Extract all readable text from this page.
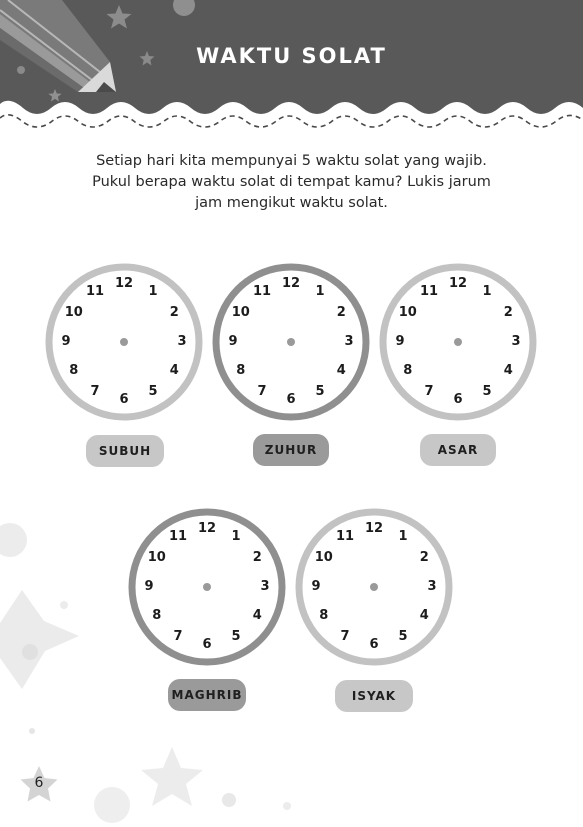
WAKTU SOLAT
Setiap hari kita mempunyai 5 waktu solat yang wajib.
Pukul berapa waktu solat di tempat kamu? Lukis jarum
jam mengikut waktu solat.
12
1
2
3
4
5
6
7
8
9
10
11
12
1
2
3
4
5
6
7
8
9
10
11
12
1
2
3
4
5
6
7
8
9
10
11
12
1
2
3
4
5
6
7
8
9
10
11
12
1
2
3
4
5
6
7
8
9
10
11
SUBUH	ZUHUR	ASAR
MAGHRIB	ISYAK
6
